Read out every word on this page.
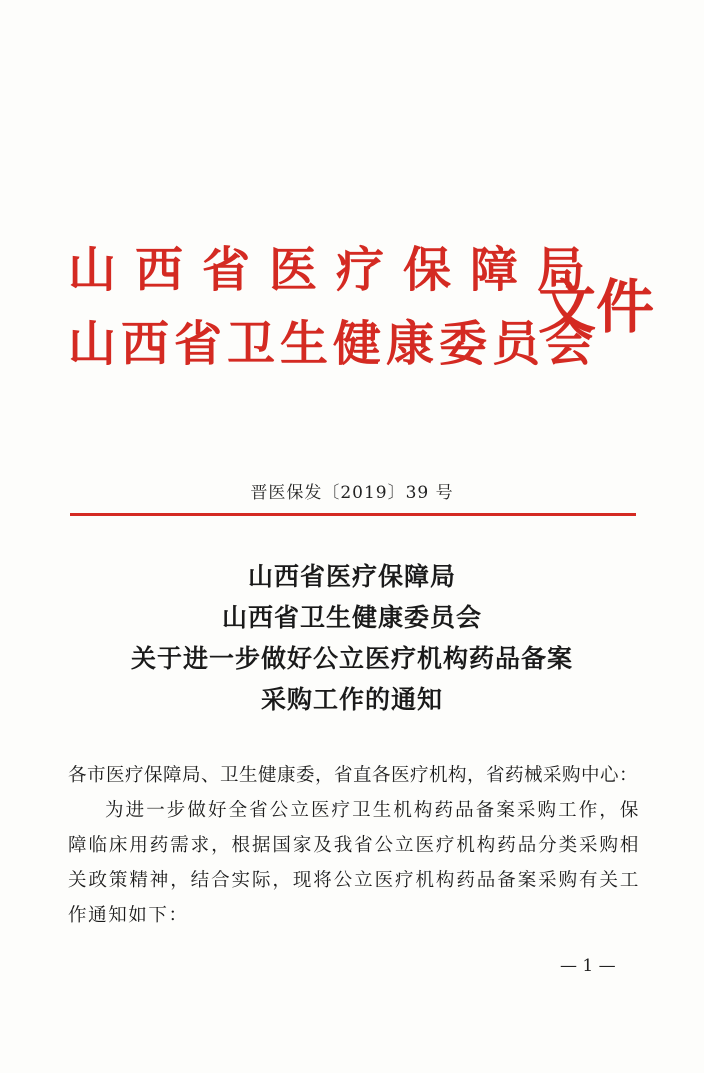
山西省医疗保障局
山西省卫生健康委员会
文件
晋医保发〔2019〕39 号
山西省医疗保障局
山西省卫生健康委员会
关于进一步做好公立医疗机构药品备案
采购工作的通知

各市医疗保障局、卫生健康委，省直各医疗机构，省药械采购中心：

为进一步做好全省公立医疗卫生机构药品备案采购工作，保障临床用药需求，根据国家及我省公立医疗机构药品分类采购相关政策精神，结合实际，现将公立医疗机构药品备案采购有关工作通知如下：

— 1 —
